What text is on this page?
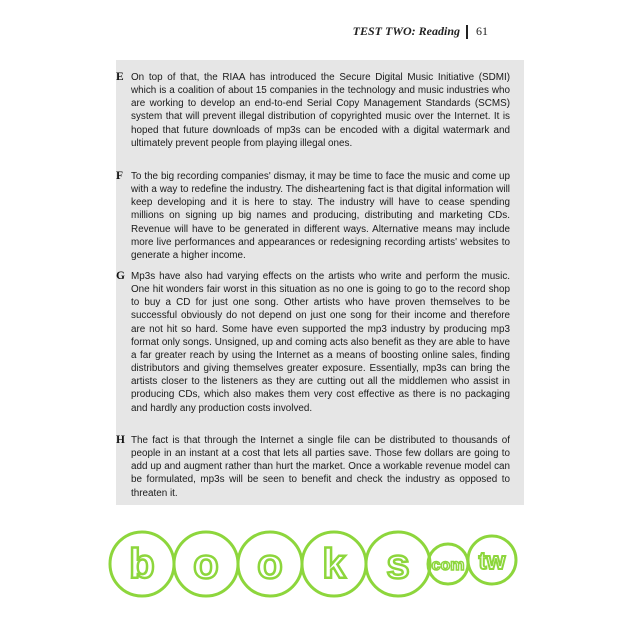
TEST TWO: Reading 61
E On top of that, the RIAA has introduced the Secure Digital Music Initiative (SDMI) which is a coalition of about 15 companies in the technology and music industries who are working to develop an end-to-end Serial Copy Management Standards (SCMS) system that will prevent illegal distribution of copyrighted music over the Internet. It is hoped that future downloads of mp3s can be encoded with a digital watermark and ultimately prevent people from playing illegal ones.
F To the big recording companies' dismay, it may be time to face the music and come up with a way to redefine the industry. The disheartening fact is that digital information will keep developing and it is here to stay. The industry will have to cease spending millions on signing up big names and producing, distributing and marketing CDs. Revenue will have to be generated in different ways. Alternative means may include more live performances and appearances or redesigning recording artists' websites to generate a higher income.
G Mp3s have also had varying effects on the artists who write and perform the music. One hit wonders fair worst in this situation as no one is going to go to the record shop to buy a CD for just one song. Other artists who have proven themselves to be successful obviously do not depend on just one song for their income and therefore are not hit so hard. Some have even supported the mp3 industry by producing mp3 format only songs. Unsigned, up and coming acts also benefit as they are able to have a far greater reach by using the Internet as a means of boosting online sales, finding distributors and giving themselves greater exposure. Essentially, mp3s can bring the artists closer to the listeners as they are cutting out all the middlemen who assist in producing CDs, which also makes them very cost effective as there is no packaging and hardly any production costs involved.
H The fact is that through the Internet a single file can be distributed to thousands of people in an instant at a cost that lets all parties save. Those few dollars are going to add up and augment rather than hurt the market. Once a workable revenue model can be formulated, mp3s will be seen to benefit and check the industry as opposed to threaten it.
b o o k s com tw
